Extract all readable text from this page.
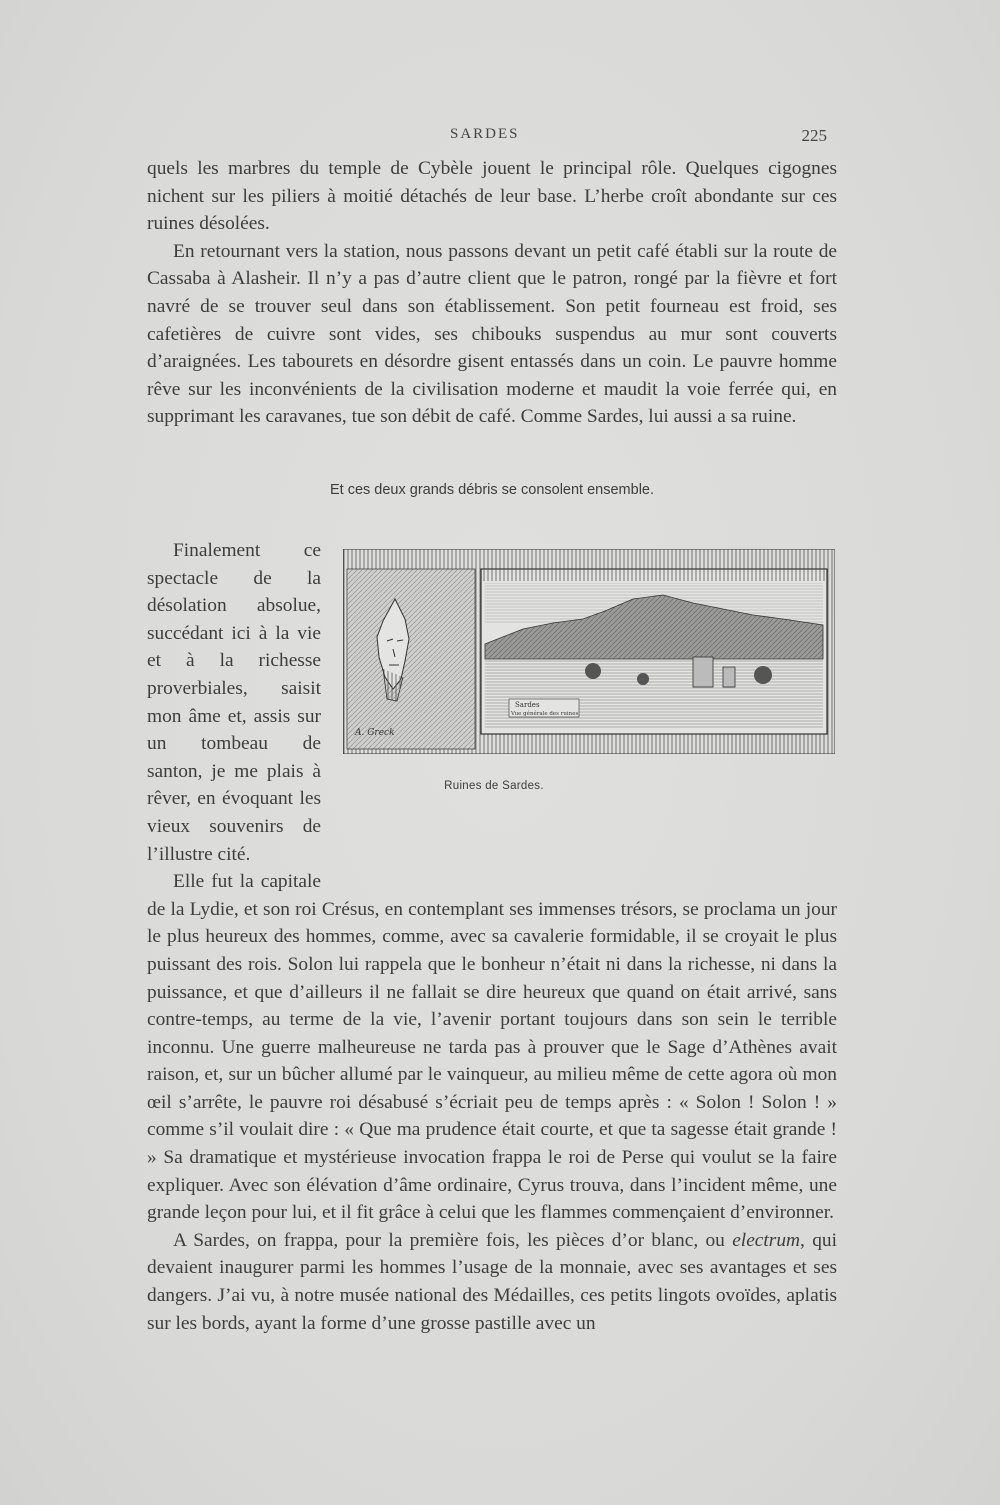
SARDES	225

quels les marbres du temple de Cybèle jouent le principal rôle. Quelques cigognes nichent sur les piliers à moitié détachés de leur base. L’herbe croît abondante sur ces ruines désolées.

En retournant vers la station, nous passons devant un petit café établi sur la route de Cassaba à Alasheir. Il n’y a pas d’autre client que le patron, rongé par la fièvre et fort navré de se trouver seul dans son établissement. Son petit fourneau est froid, ses cafetières de cuivre sont vides, ses chibouks suspendus au mur sont couverts d’araignées. Les tabourets en désordre gisent entassés dans un coin. Le pauvre homme rêve sur les inconvénients de la civilisation moderne et maudit la voie ferrée qui, en supprimant les caravanes, tue son débit de café. Comme Sardes, lui aussi a sa ruine.

Et ces deux grands débris se consolent ensemble.
A. Greck
Sardes
Vue générale des ruines
Ruines de Sardes.

Finalement ce spectacle de la désolation absolue, succédant ici à la vie et à la richesse proverbiales, saisit mon âme et, assis sur un tombeau de santon, je me plais à rêver, en évoquant les vieux souvenirs de l’illustre cité.

Elle fut la capitale de la Lydie, et son roi Crésus, en contemplant ses immenses trésors, se proclama un jour le plus heureux des hommes, comme, avec sa cavalerie formidable, il se croyait le plus puissant des rois. Solon lui rappela que le bonheur n’était ni dans la richesse, ni dans la puissance, et que d’ailleurs il ne fallait se dire heureux que quand on était arrivé, sans contre-temps, au terme de la vie, l’avenir portant toujours dans son sein le terrible inconnu. Une guerre malheureuse ne tarda pas à prouver que le Sage d’Athènes avait raison, et, sur un bûcher allumé par le vainqueur, au milieu même de cette agora où mon œil s’arrête, le pauvre roi désabusé s’écriait peu de temps après : « Solon ! Solon ! » comme s’il voulait dire : « Que ma prudence était courte, et que ta sagesse était grande ! » Sa dramatique et mystérieuse invocation frappa le roi de Perse qui voulut se la faire expliquer. Avec son élévation d’âme ordinaire, Cyrus trouva, dans l’incident même, une grande leçon pour lui, et il fit grâce à celui que les flammes commençaient d’environner.

A Sardes, on frappa, pour la première fois, les pièces d’or blanc, ou electrum, qui devaient inaugurer parmi les hommes l’usage de la monnaie, avec ses avantages et ses dangers. J’ai vu, à notre musée national des Médailles, ces petits lingots ovoïdes, aplatis sur les bords, ayant la forme d’une grosse pastille avec un
